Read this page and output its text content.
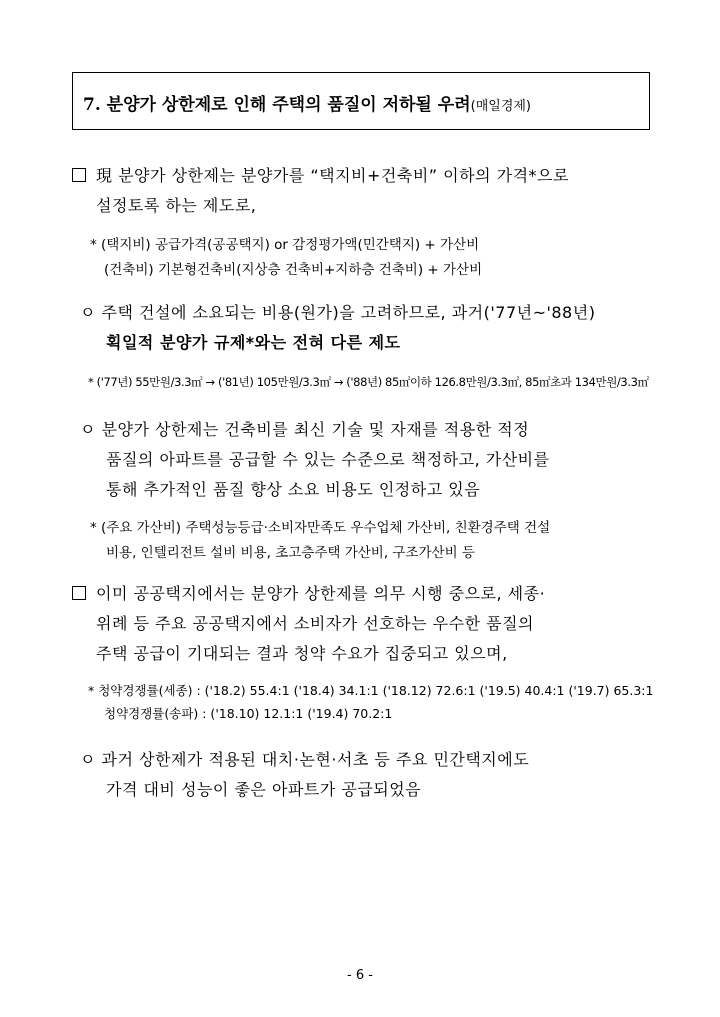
7. 분양가 상한제로 인해 주택의 품질이 저하될 우려(매일경제)
現 분양가 상한제는 분양가를 “택지비+건축비” 이하의 가격*으로
설정토록 하는 제도로,
* (택지비) 공급가격(공공택지) or 감정평가액(민간택지) + 가산비
(건축비) 기본형건축비(지상층 건축비+지하층 건축비) + 가산비
ㅇ 주택 건설에 소요되는 비용(원가)을 고려하므로, 과거('77년~'88년)
획일적 분양가 규제*와는 전혀 다른 제도
* ('77년) 55만원/3.3㎡ → ('81년) 105만원/3.3㎡ → ('88년) 85㎡이하 126.8만원/3.3㎡, 85㎡초과 134만원/3.3㎡
ㅇ 분양가 상한제는 건축비를 최신 기술 및 자재를 적용한 적정
품질의 아파트를 공급할 수 있는 수준으로 책정하고, 가산비를
통해 추가적인 품질 향상 소요 비용도 인정하고 있음
* (주요 가산비) 주택성능등급·소비자만족도 우수업체 가산비, 친환경주택 건설
비용, 인텔리전트 설비 비용, 초고층주택 가산비, 구조가산비 등
이미 공공택지에서는 분양가 상한제를 의무 시행 중으로, 세종·
위례 등 주요 공공택지에서 소비자가 선호하는 우수한 품질의
주택 공급이 기대되는 결과 청약 수요가 집중되고 있으며,
* 청약경쟁률(세종) : ('18.2) 55.4:1 ('18.4) 34.1:1 ('18.12) 72.6:1 ('19.5) 40.4:1 ('19.7) 65.3:1
청약경쟁률(송파) : ('18.10) 12.1:1 ('19.4) 70.2:1
ㅇ 과거 상한제가 적용된 대치·논현·서초 등 주요 민간택지에도
가격 대비 성능이 좋은 아파트가 공급되었음
- 6 -
